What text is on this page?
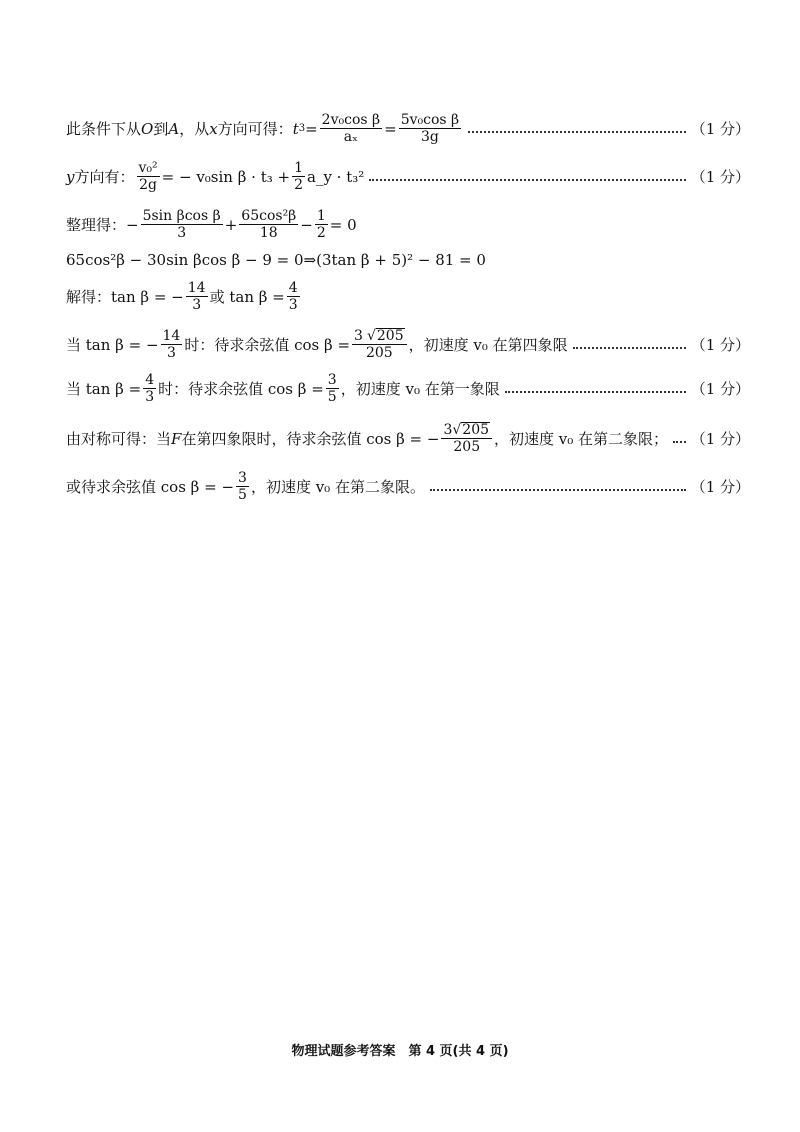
此条件下从 O 到 A ，从 x 方向可得： t $3 = \frac{\text{2v₀cos β}}{\text{aₓ}} = \frac{\text{5v₀cos β}}{3g}$	（1 分）
y 方向有： $\frac{\text{v₀²}}{2g}$ = − v₀sin $\beta \cdot t_3 + \frac{1}{2}$ a_y · t₃²	（1 分）
整理得：− $\frac{\text{5sin βcos β}}{3} + \frac{\text{65cos²β}}{18} - \frac{1}{2} = 0$
65cos²β − 30sin βcos β − 9 = 0⇒(3tan β + 5)² − 81 = 0
解得：tan β = − $\frac{14}{3}$ 或 $\tan \beta = \frac{4}{3}$
当 tan β = − $\frac{14}{3}$ 时：待求余弦值 $\cos \beta = \frac{3 √ 205}{205}$ ，初速度 v₀ 在第四象限	（1 分）
当 $\tan \beta = \frac{4}{3}$ 时：待求余弦值 $\cos \beta = \frac{3}{5}$ ，初速度 v₀ 在第一象限	（1 分）
由对称可得：当 F 在第四象限时，待求余弦值 cos β = − $\frac{3 √ 205}{205}$ ，初速度 v₀ 在第二象限； （1 分）
或待求余弦值 cos β = − $\frac{3}{5}$ ，初速度 v₀ 在第二象限。	（1 分）
物理试题参考答案　第 4 页(共 4 页)
